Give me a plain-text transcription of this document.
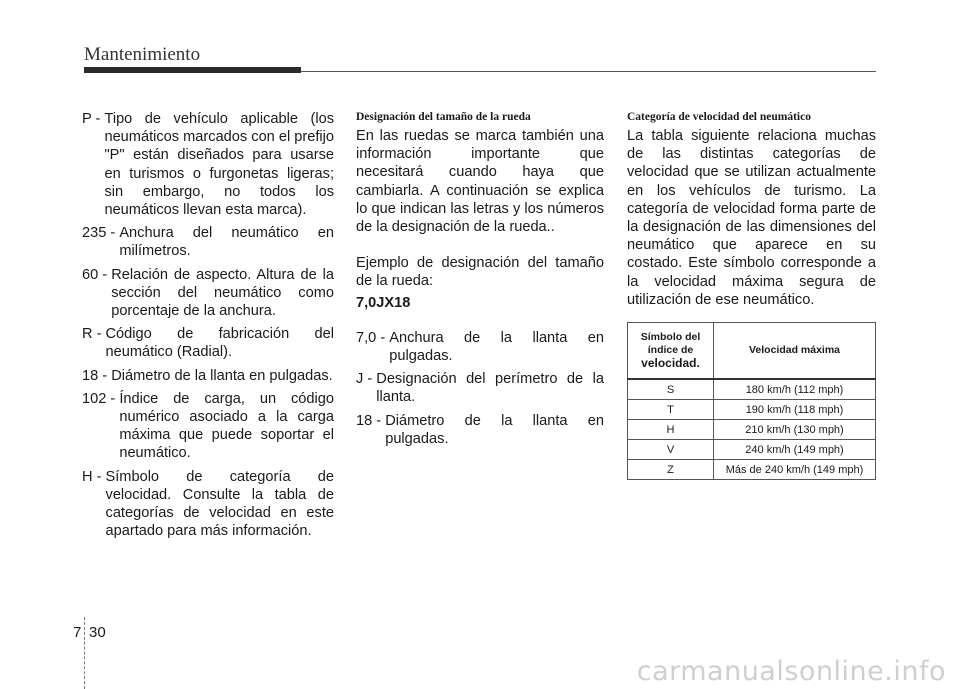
Mantenimiento
P - Tipo de vehículo aplicable (los neumáticos marcados con el prefijo "P" están diseñados para usarse en turismos o furgonetas ligeras; sin embargo, no todos los neumáticos llevan esta marca).
235 - Anchura del neumático en milímetros.
60 - Relación de aspecto. Altura de la sección del neumático como porcentaje de la anchura.
R - Código de fabricación del neumático (Radial).
18 - Diámetro de la llanta en pulgadas.
102 - Índice de carga, un código numérico asociado a la carga máxima que puede soportar el neumático.
H - Símbolo de categoría de velocidad. Consulte la tabla de categorías de velocidad en este apartado para más información.
Designación del tamaño de la rueda
En las ruedas se marca también una información importante que necesitará cuando haya que cambiarla. A continuación se explica lo que indican las letras y los números de la designación de la rueda..
Ejemplo de designación del tamaño de la rueda:
7,0JX18
7,0 - Anchura de la llanta en pulgadas.
J - Designación del perímetro de la llanta.
18 - Diámetro de la llanta en pulgadas.
Categoría de velocidad del neumático
La tabla siguiente relaciona muchas de las distintas categorías de velocidad que se utilizan actualmente en los vehículos de turismo. La categoría de velocidad forma parte de la designación de las dimensiones del neumático que aparece en su costado. Este símbolo corresponde a la velocidad máxima segura de utilización de ese neumático.
Símbolo del
índice de
velocidad.	Velocidad máxima
S	180 km/h (112 mph)
T	190 km/h (118 mph)
H	210 km/h (130 mph)
V	240 km/h (149 mph)
Z	Más de 240 km/h (149 mph)
7 30
carmanualsonline.info
